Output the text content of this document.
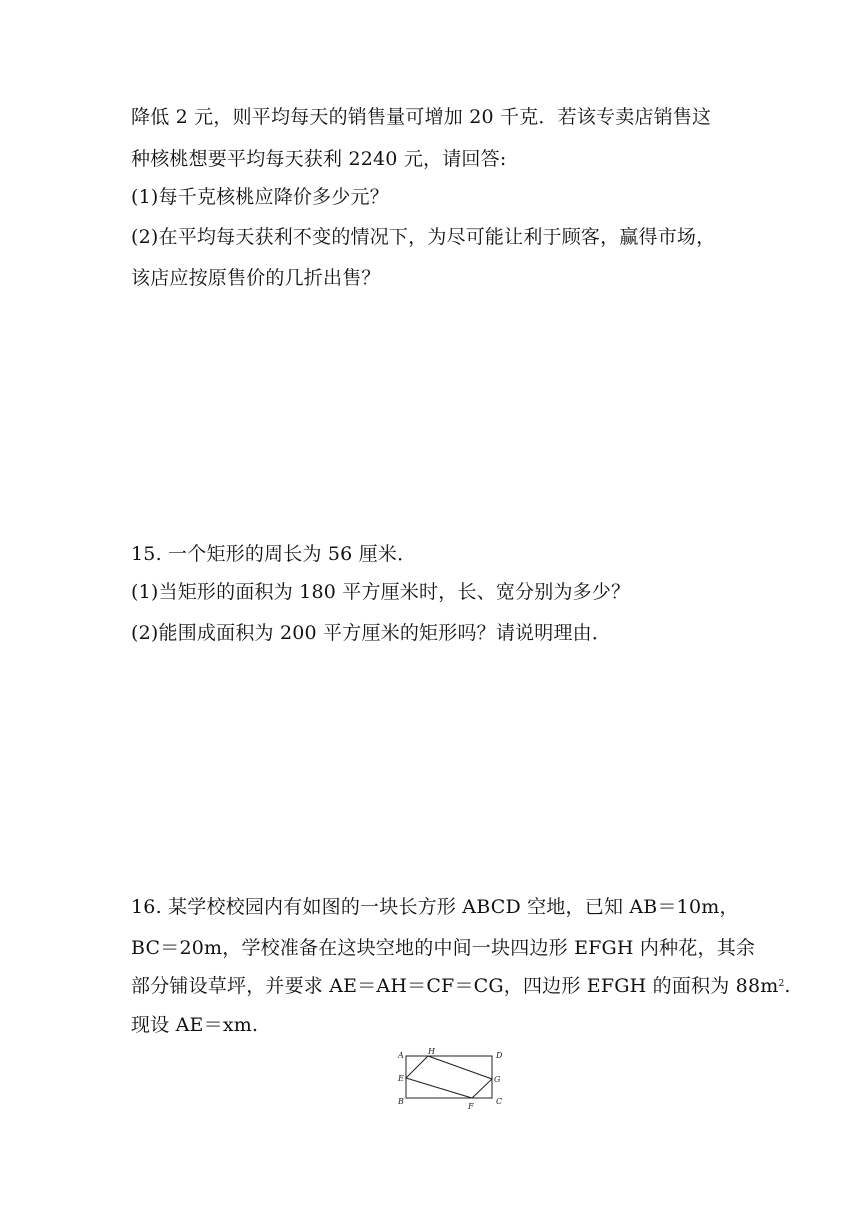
降低 2 元，则平均每天的销售量可增加 20 千克．若该专卖店销售这
种核桃想要平均每天获利 2240 元，请回答:
(1)每千克核桃应降价多少元？
(2)在平均每天获利不变的情况下，为尽可能让利于顾客，赢得市场，
该店应按原售价的几折出售？
15. 一个矩形的周长为 56 厘米．
(1)当矩形的面积为 180 平方厘米时，长、宽分别为多少？
(2)能围成面积为 200 平方厘米的矩形吗？请说明理由．
16. 某学校校园内有如图的一块长方形 ABCD 空地，已知 AB＝10m，
BC＝20m，学校准备在这块空地的中间一块四边形 EFGH 内种花，其余
部分铺设草坪，并要求 AE＝AH＝CF＝CG，四边形 EFGH 的面积为 $88m^2$.
现设 AE＝xm.
A	H	D
E	G
B
F
C
